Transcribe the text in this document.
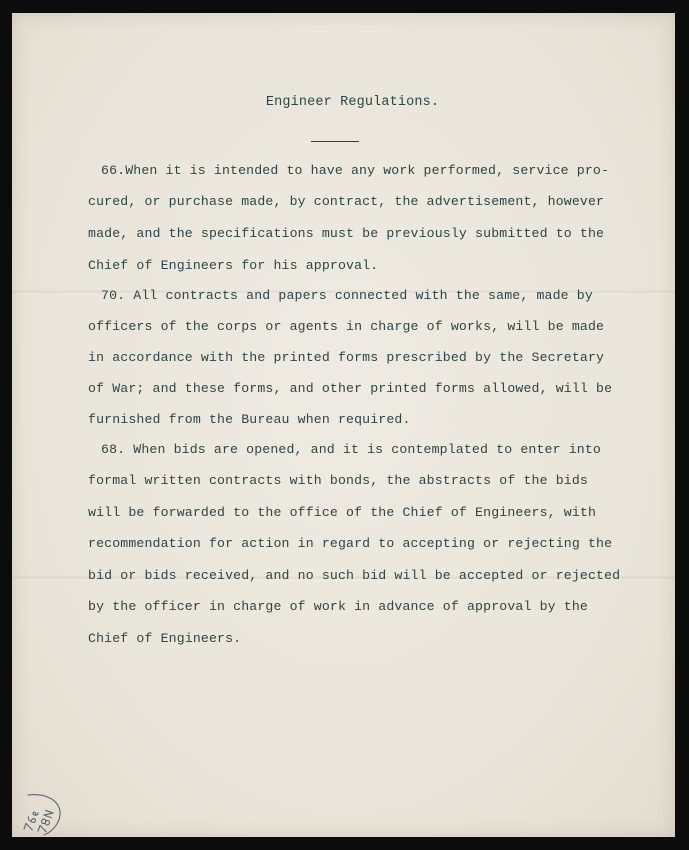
Engineer Regulations.
66.When it is intended to have any work performed, service pro-
cured, or purchase made, by contract, the advertisement, however
made, and the specifications must be previously submitted to the
Chief of Engineers for his approval.
70. All contracts and papers connected with the same, made by
officers of the corps or agents in charge of works, will be made
in accordance with the printed forms prescribed by the Secretary
of War; and these forms, and other printed forms allowed, will be
furnished from the Bureau when required.
68. When bids are opened, and it is contemplated to enter into
formal written contracts with bonds, the abstracts of the bids
will be forwarded to the office of the Chief of Engineers, with
recommendation for action in regard to accepting or rejecting the
bid or bids received, and no such bid will be accepted or rejected
by the officer in charge of work in advance of approval by the
Chief of Engineers.
